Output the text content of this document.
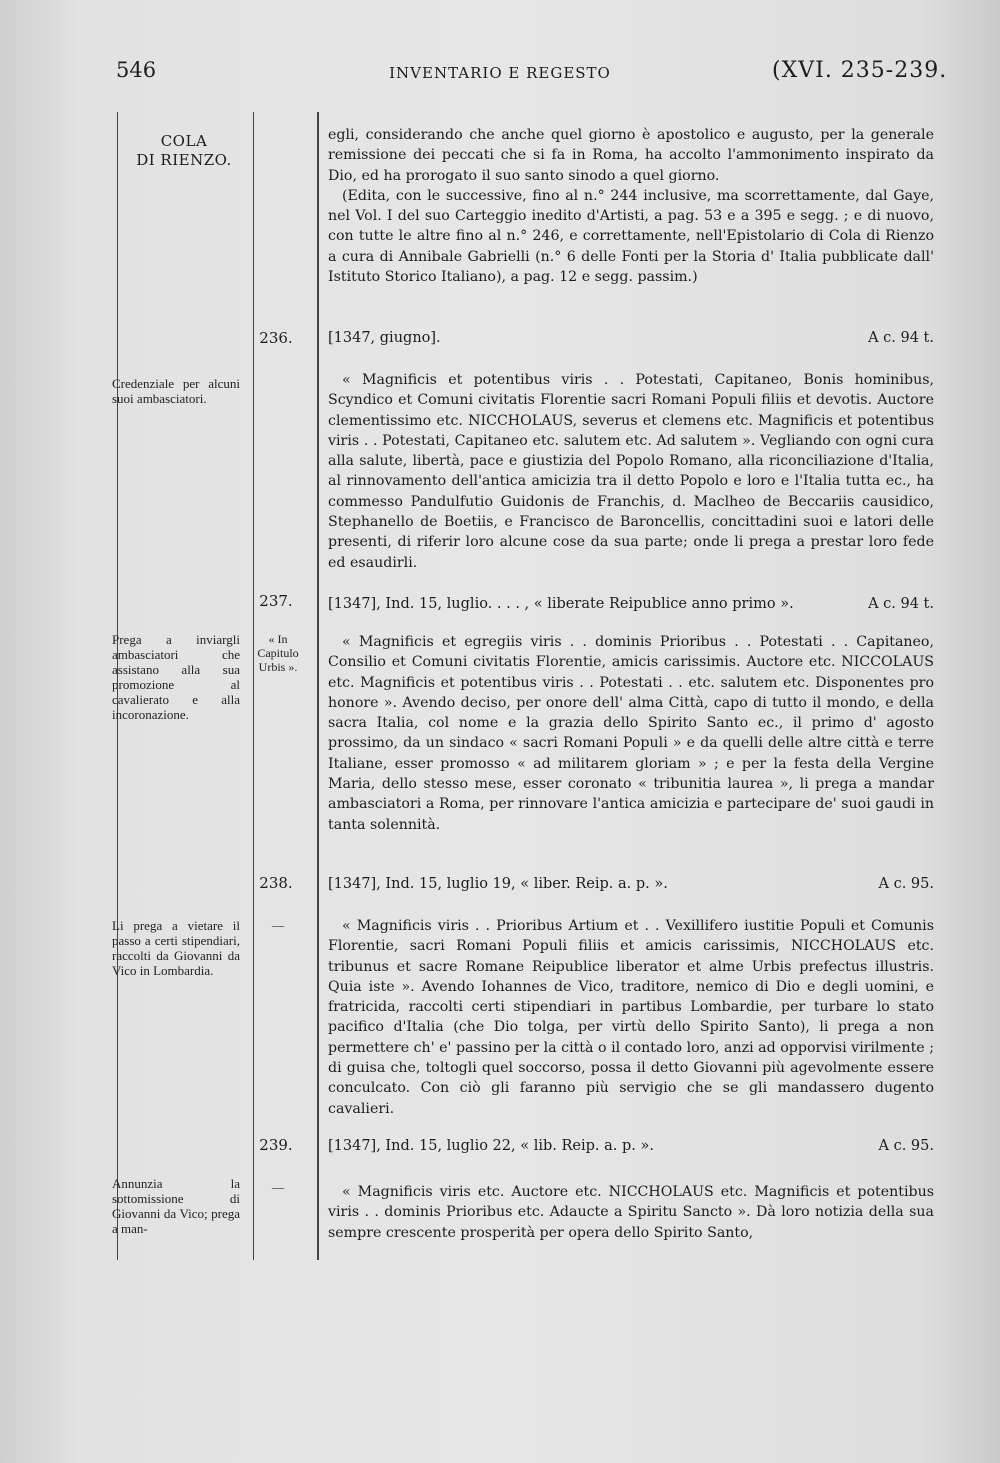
546	INVENTARIO E REGESTO	(XVI. 235-239.
COLA
DI RIENZO.

egli, considerando che anche quel giorno è apostolico e augusto, per la generale remissione dei peccati che si fa in Roma, ha accolto l'ammonimento inspirato da Dio, ed ha prorogato il suo santo sinodo a quel giorno.

(Edita, con le successive, fino al n.° 244 inclusive, ma scorrettamente, dal Gaye, nel Vol. I del suo Carteggio inedito d'Artisti, a pag. 53 e a 395 e segg. ; e di nuovo, con tutte le altre fino al n.° 246, e correttamente, nell'Epistolario di Cola di Rienzo a cura di Annibale Gabrielli (n.° 6 delle Fonti per la Storia d' Italia pubblicate dall' Istituto Storico Italiano), a pag. 12 e segg. passim.)

236.	[1347, giugno].	A c. 94 t.
Credenziale per alcuni suoi ambasciatori.
« Magnificis et potentibus viris . . Potestati, Capitaneo, Bonis hominibus, Scyndico et Comuni civitatis Florentie sacri Romani Populi filiis et devotis. Auctore clementissimo etc. NICCHOLAUS, severus et clemens etc. Magnificis et potentibus viris . . Potestati, Capitaneo etc. salutem etc. Ad salutem ». Vegliando con ogni cura alla salute, libertà, pace e giustizia del Popolo Romano, alla riconciliazione d'Italia, al rinnovamento dell'antica amicizia tra il detto Popolo e loro e l'Italia tutta ec., ha commesso Pandulfutio Guidonis de Franchis, d. Maclheo de Beccariis causidico, Stephanello de Boetiis, e Francisco de Baroncellis, concittadini suoi e latori delle presenti, di riferir loro alcune cose da sua parte; onde li prega a prestar loro fede ed esaudirli.
237.	[1347], Ind. 15, luglio. . . . , « liberate Reipublice anno primo ».	A c. 94 t.
Prega a inviargli ambasciatori che assistano alla sua promozione al cavalierato e alla incoronazione.
« In Capitulo Urbis ».
« Magnificis et egregiis viris . . dominis Prioribus . . Potestati . . Capitaneo, Consilio et Comuni civitatis Florentie, amicis carissimis. Auctore etc. NICCOLAUS etc. Magnificis et potentibus viris . . Potestati . . etc. salutem etc. Disponentes pro honore ». Avendo deciso, per onore dell' alma Città, capo di tutto il mondo, e della sacra Italia, col nome e la grazia dello Spirito Santo ec., il primo d' agosto prossimo, da un sindaco « sacri Romani Populi » e da quelli delle altre città e terre Italiane, esser promosso « ad militarem gloriam » ; e per la festa della Vergine Maria, dello stesso mese, esser coronato « tribunitia laurea », li prega a mandar ambasciatori a Roma, per rinnovare l'antica amicizia e partecipare de' suoi gaudi in tanta solennità.
238.	[1347], Ind. 15, luglio 19, « liber. Reip. a. p. ».	A c. 95.
Li prega a vietare il passo a certi stipendiari, raccolti da Giovanni da Vico in Lombardia.
—	« Magnificis viris . . Prioribus Artium et . . Vexillifero iustitie Populi et Comunis Florentie, sacri Romani Populi filiis et amicis carissimis, NICCHOLAUS etc. tribunus et sacre Romane Reipublice liberator et alme Urbis prefectus illustris. Quia iste ». Avendo Iohannes de Vico, traditore, nemico di Dio e degli uomini, e fratricida, raccolti certi stipendiari in partibus Lombardie, per turbare lo stato pacifico d'Italia (che Dio tolga, per virtù dello Spirito Santo), li prega a non permettere ch' e' passino per la città o il contado loro, anzi ad opporvisi virilmente ; di guisa che, toltogli quel soccorso, possa il detto Giovanni più agevolmente essere conculcato. Con ciò gli faranno più servigio che se gli mandassero dugento cavalieri.
239.	[1347], Ind. 15, luglio 22, « lib. Reip. a. p. ».	A c. 95.
Annunzia la sottomissione di Giovanni da Vico; prega a man-
—	« Magnificis viris etc. Auctore etc. NICCHOLAUS etc. Magnificis et potentibus viris . . dominis Prioribus etc. Adaucte a Spiritu Sancto ». Dà loro notizia della sua sempre crescente prosperità per opera dello Spirito Santo,
